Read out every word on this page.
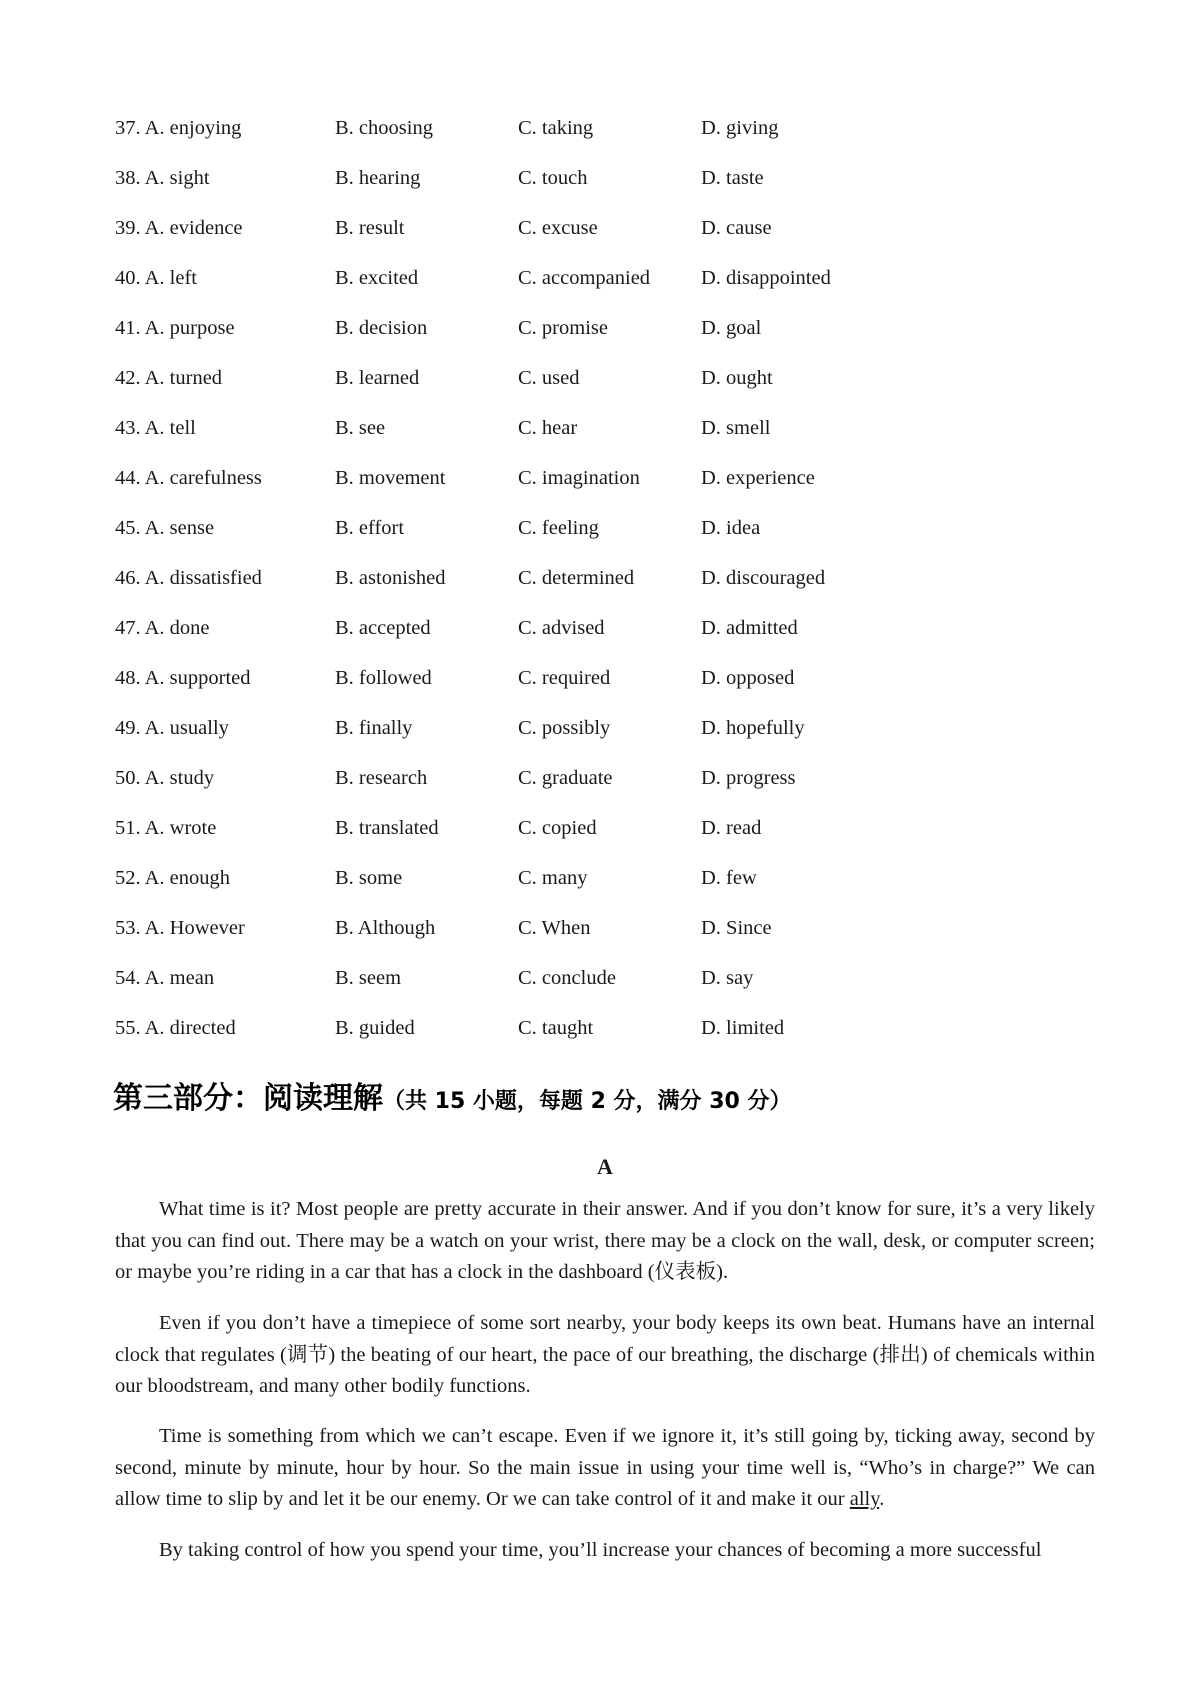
37. A. enjoying	B. choosing	C. taking	D. giving
38. A. sight	B. hearing	C. touch	D. taste
39. A. evidence	B. result	C. excuse	D. cause
40. A. left	B. excited	C. accompanied D. disappointed
41. A. purpose	B. decision	C. promise	D. goal
42. A. turned	B. learned	C. used	D. ought
43. A. tell	B. see	C. hear	D. smell
44. A. carefulness	B. movement	C. imagination	D. experience
45. A. sense	B. effort	C. feeling	D. idea
46. A. dissatisfied	B. astonished	C. determined	D. discouraged
47. A. done	B. accepted	C. advised	D. admitted
48. A. supported	B. followed	C. required	D. opposed
49. A. usually	B. finally	C. possibly	D. hopefully
50. A. study	B. research	C. graduate	D. progress
51. A. wrote	B. translated	C. copied	D. read
52. A. enough	B. some	C. many	D. few
53. A. However	B. Although	C. When	D. Since
54. A. mean	B. seem	C. conclude	D. say
55. A. directed	B. guided	C. taught	D. limited
第三部分：阅读理解（共 15 小题，每题 2 分，满分 30 分）
A

What time is it? Most people are pretty accurate in their answer. And if you don’t know for sure, it’s a very likely that you can find out. There may be a watch on your wrist, there may be a clock on the wall, desk, or computer screen; or maybe you’re riding in a car that has a clock in the dashboard (仪表板).

Even if you don’t have a timepiece of some sort nearby, your body keeps its own beat. Humans have an internal clock that regulates (调节) the beating of our heart, the pace of our breathing, the discharge (排出) of chemicals within our bloodstream, and many other bodily functions.

Time is something from which we can’t escape. Even if we ignore it, it’s still going by, ticking away, second by second, minute by minute, hour by hour. So the main issue in using your time well is, “Who’s in charge?” We can allow time to slip by and let it be our enemy. Or we can take control of it and make it our ally.

By taking control of how you spend your time, you’ll increase your chances of becoming a more successful
